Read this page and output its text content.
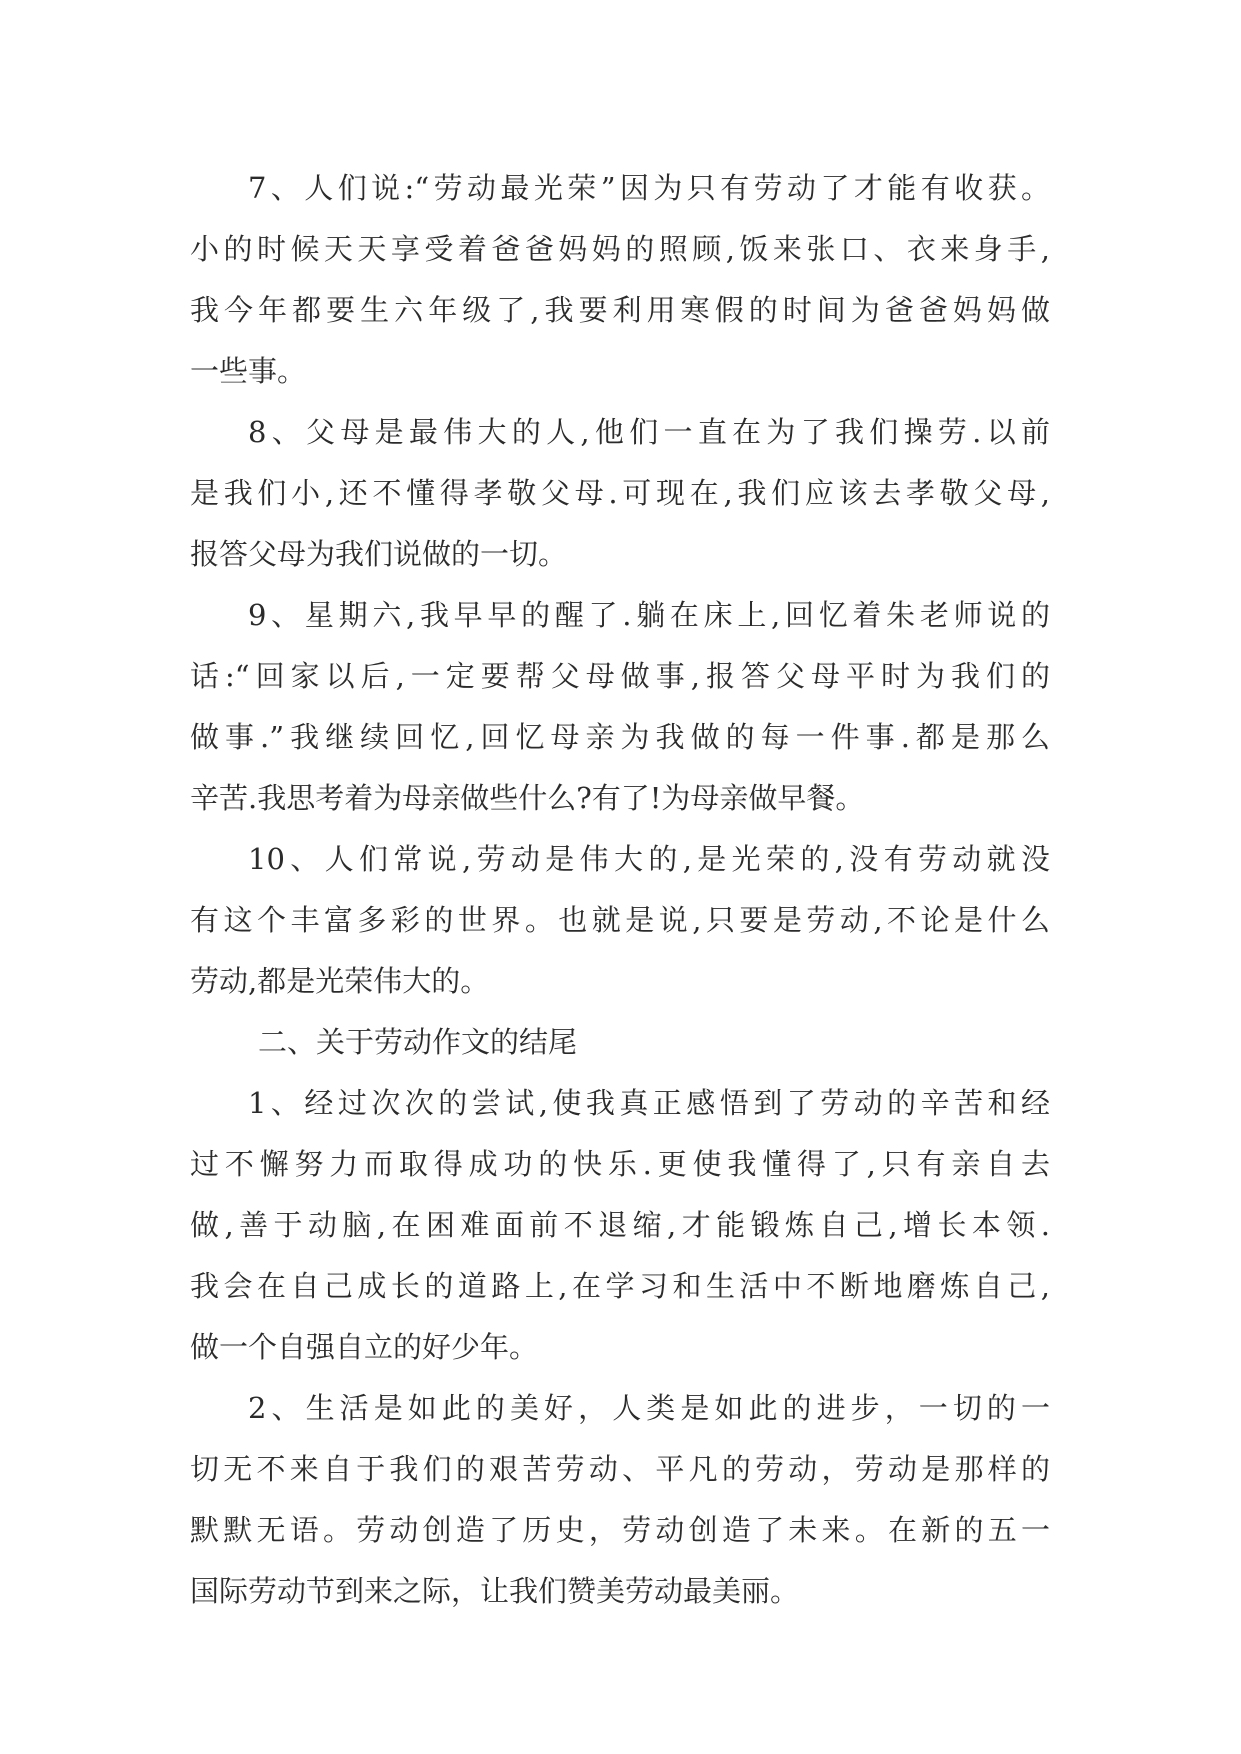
7、人们说:“劳动最光荣”因为只有劳动了才能有收获。
小的时候天天享受着爸爸妈妈的照顾,饭来张口、衣来身手,
我今年都要生六年级了,我要利用寒假的时间为爸爸妈妈做
一些事。
8、父母是最伟大的人,他们一直在为了我们操劳.以前
是我们小,还不懂得孝敬父母.可现在,我们应该去孝敬父母,
报答父母为我们说做的一切。
9、星期六,我早早的醒了.躺在床上,回忆着朱老师说的
话:“回家以后,一定要帮父母做事,报答父母平时为我们的
做事.”我继续回忆,回忆母亲为我做的每一件事.都是那么
辛苦.我思考着为母亲做些什么?有了!为母亲做早餐。
10、人们常说,劳动是伟大的,是光荣的,没有劳动就没
有这个丰富多彩的世界。也就是说,只要是劳动,不论是什么
劳动,都是光荣伟大的。
二、关于劳动作文的结尾
1、经过次次的尝试,使我真正感悟到了劳动的辛苦和经
过不懈努力而取得成功的快乐.更使我懂得了,只有亲自去
做,善于动脑,在困难面前不退缩,才能锻炼自己,增长本领.
我会在自己成长的道路上,在学习和生活中不断地磨炼自己,
做一个自强自立的好少年。
2、生活是如此的美好，人类是如此的进步，一切的一
切无不来自于我们的艰苦劳动、平凡的劳动，劳动是那样的
默默无语。劳动创造了历史，劳动创造了未来。在新的五一
国际劳动节到来之际，让我们赞美劳动最美丽。
